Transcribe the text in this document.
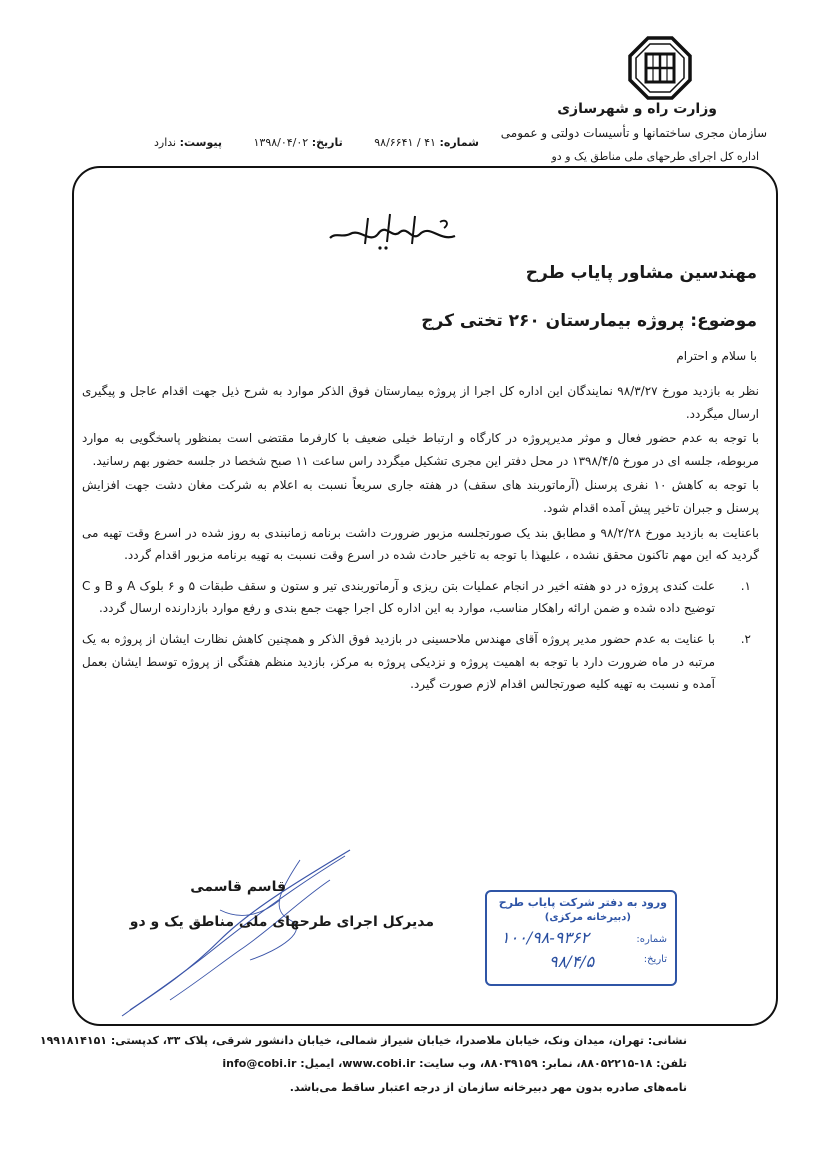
وزارت راه و شهرسازی
سازمان مجری ساختمانها و تأسیسات دولتی و عمومی
اداره کل اجرای طرحهای ملی مناطق یک و دو
شماره: ۴۱ / ۹۸/۶۶۴۱ تاریخ: ۱۳۹۸/۰۴/۰۲ پیوست: ندارد
مهندسین مشاور پایاب طرح
موضوع: پروژه بیمارستان ۲۶۰ تختی کرج
با سلام و احترام

نظر به بازدید مورخ ۹۸/۳/۲۷ نمایندگان این اداره کل اجرا از پروژه بیمارستان فوق الذکر موارد به شرح ذیل جهت اقدام عاجل و پیگیری ارسال میگردد.

با توجه به عدم حضور فعال و موثر مدیرپروژه در کارگاه و ارتباط خیلی ضعیف با کارفرما مقتضی است بمنظور پاسخگویی به موارد مربوطه، جلسه ای در مورخ ۱۳۹۸/۴/۵ در محل دفتر این مجری تشکیل میگردد راس ساعت ۱۱ صبح شخصا در جلسه حضور بهم رسانید.

با توجه به کاهش ۱۰ نفری پرسنل (آرماتوربند های سقف) در هفته جاری سریعاً نسبت به اعلام به شرکت مغان دشت جهت افزایش پرسنل و جبران تاخیر پیش آمده اقدام شود.

باعنایت به بازدید مورخ ۹۸/۲/۲۸ و مطابق بند یک صورتجلسه مزبور ضرورت داشت برنامه زمانبندی به روز شده در اسرع وقت تهیه می گردید که این مهم تاکنون محقق نشده ، علیهذا با توجه به تاخیر حادث شده در اسرع وقت نسبت به تهیه برنامه مزبور اقدام گردد.

۱.
علت کندی پروژه در دو هفته اخیر در انجام عملیات بتن ریزی و آرماتوربندی تیر و ستون و سقف طبقات ۵ و ۶ بلوک A و B و C توضیح داده شده و ضمن ارائه راهکار مناسب، موارد به این اداره کل اجرا جهت جمع بندی و رفع موارد بازدارنده ارسال گردد.

۲.
با عنایت به عدم حضور مدیر پروژه آقای مهندس ملاحسینی در بازدید فوق الذکر و همچنین کاهش نظارت ایشان از پروژه به یک مرتبه در ماه ضرورت دارد با توجه به اهمیت پروژه و نزدیکی پروژه به مرکز، بازدید منظم هفتگی از پروژه توسط ایشان بعمل آمده و نسبت به تهیه کلیه صورتجالس اقدام لازم صورت گیرد.

قاسم قاسمی
مدیرکل اجرای طرحهای ملی مناطق یک و دو
ورود به دفتر شرکت پایاب طرح
(دبیرخانه مرکزی)
شماره:
تاریخ:
۱۰۰/۹۸-۹۳۶۲
۹۸/۴/۵
نشانی: تهران، میدان ونک، خیابان ملاصدرا، خیابان شیراز شمالی، خیابان دانشور شرقی، پلاک ۳۳، کدپستی: ۱۹۹۱۸۱۴۱۵۱
تلفن: ۱۸-۸۸۰۵۲۲۱۵، نمابر: ۸۸۰۳۹۱۵۹، وب سایت: www.cobi.ir، ایمیل: info@cobi.ir
نامه‌های صادره بدون مهر دبیرخانه سازمان از درجه اعتبار ساقط می‌باشد.
